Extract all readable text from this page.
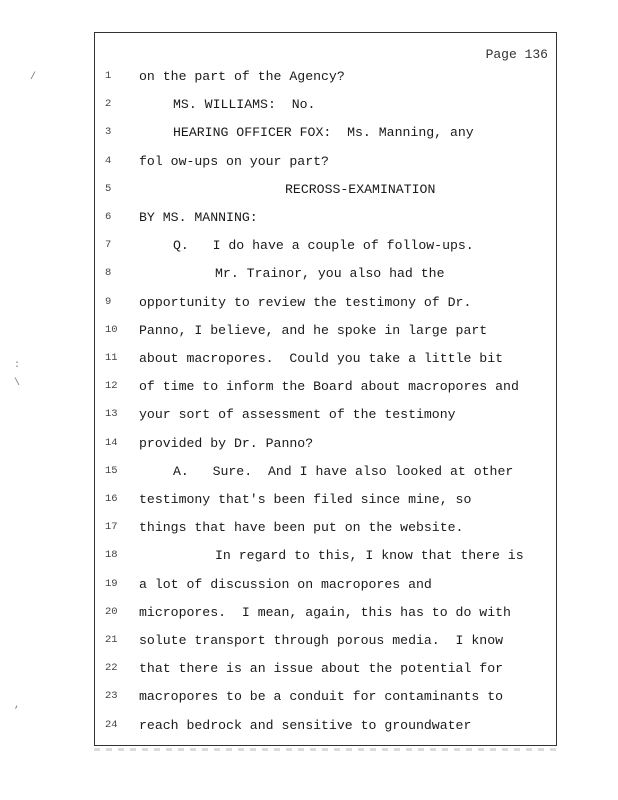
Page 136
1	on the part of the Agency?
2	MS. WILLIAMS:  No.
3	HEARING OFFICER FOX:  Ms. Manning, any
4	fol ow-ups on your part?
5	RECROSS-EXAMINATION
6	BY MS. MANNING:
7	Q.   I do have a couple of follow-ups.
8	Mr. Trainor, you also had the
9	opportunity to review the testimony of Dr.
10	Panno, I believe, and he spoke in large part
11	about macropores.  Could you take a little bit
12	of time to inform the Board about macropores and
13	your sort of assessment of the testimony
14	provided by Dr. Panno?
15	A.   Sure.  And I have also looked at other
16	testimony that's been filed since mine, so
17	things that have been put on the website.
18	In regard to this, I know that there is
19	a lot of discussion on macropores and
20	micropores.  I mean, again, this has to do with
21	solute transport through porous media.  I know
22	that there is an issue about the potential for
23	macropores to be a conduit for contaminants to
24	reach bedrock and sensitive to groundwater
/
:
\
,
